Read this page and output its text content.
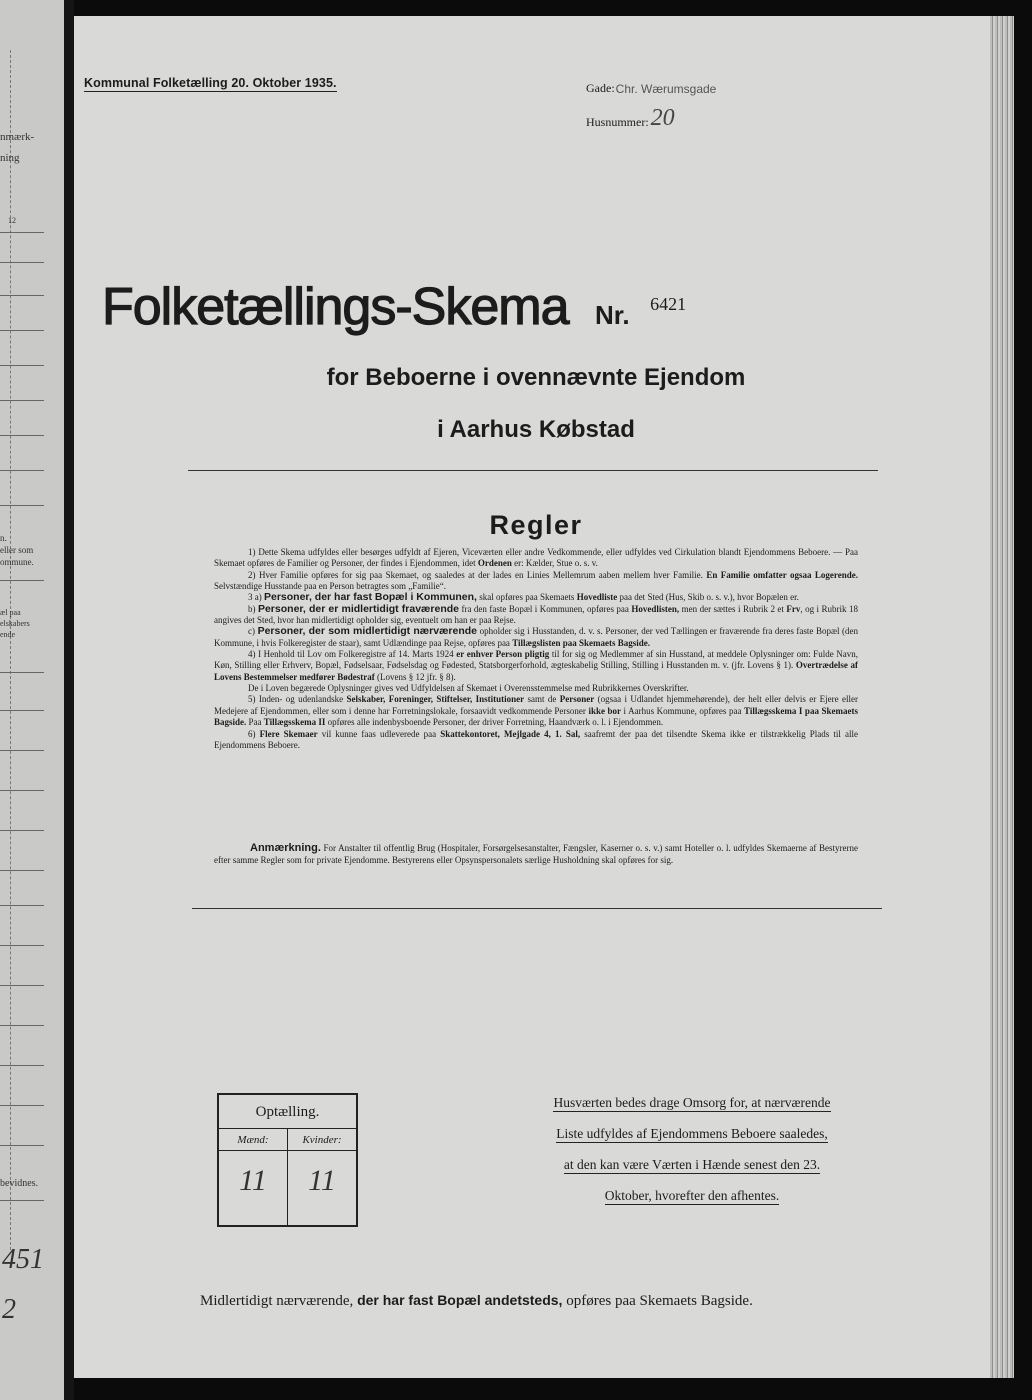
nmærk-
ning
12
n.
eller som
ommune.
æl paa
elskabers
ende
bevidnes.
451
2
Kommunal Folketælling 20. Oktober 1935.	Gade: Chr. Wærumsgade
Husnummer: 20
Folketællings-Skema Nr. 6421
for Beboerne i ovennævnte Ejendom
i Aarhus Købstad
Regler

1) Dette Skema udfyldes eller besørges udfyldt af Ejeren, Viceværten eller andre Vedkommende, eller udfyldes ved Cirkulation blandt Ejendommens Beboere. — Paa Skemaet opføres de Familier og Personer, der findes i Ejendommen, idet Ordenen er: Kælder, Stue o. s. v.

2) Hver Familie opføres for sig paa Skemaet, og saaledes at der lades en Linies Mellemrum aaben mellem hver Familie. En Familie omfatter ogsaa Logerende. Selvstændige Husstande paa en Person betragtes som „Familie“.

3 a) Personer, der har fast Bopæl i Kommunen, skal opføres paa Skemaets Hovedliste paa det Sted (Hus, Skib o. s. v.), hvor Bopælen er.

b) Personer, der er midlertidigt fraværende fra den faste Bopæl i Kommunen, opføres paa Hovedlisten, men der sættes i Rubrik 2 et Frv, og i Rubrik 18 angives det Sted, hvor han midlertidigt opholder sig, eventuelt om han er paa Rejse.

c) Personer, der som midlertidigt nærværende opholder sig i Husstanden, d. v. s. Personer, der ved Tællingen er fraværende fra deres faste Bopæl (den Kommune, i hvis Folkeregister de staar), samt Udlændinge paa Rejse, opføres paa Tillægslisten paa Skemaets Bagside.

4) I Henhold til Lov om Folkeregistre af 14. Marts 1924 er enhver Person pligtig til for sig og Medlemmer af sin Husstand, at meddele Oplysninger om: Fulde Navn, Køn, Stilling eller Erhverv, Bopæl, Fødselsaar, Fødselsdag og Fødested, Statsborgerforhold, ægteskabelig Stilling, Stilling i Husstanden m. v. (jfr. Lovens § 1). Overtrædelse af Lovens Bestemmelser medfører Bødestraf (Lovens § 12 jfr. § 8).

De i Loven begærede Oplysninger gives ved Udfyldelsen af Skemaet i Overensstemmelse med Rubrikkernes Overskrifter.

5) Inden- og udenlandske Selskaber, Foreninger, Stiftelser, Institutioner samt de Personer (ogsaa i Udlandet hjemmehørende), der helt eller delvis er Ejere eller Medejere af Ejendommen, eller som i denne har Forretningslokale, forsaavidt vedkommende Personer ikke bor i Aarhus Kommune, opføres paa Tillægsskema I paa Skemaets Bagside. Paa Tillægsskema II opføres alle indenbysboende Personer, der driver Forretning, Haandværk o. l. i Ejendommen.

6) Flere Skemaer vil kunne faas udleverede paa Skattekontoret, Mejlgade 4, 1. Sal, saafremt der paa det tilsendte Skema ikke er tilstrækkelig Plads til alle Ejendommens Beboere.

Anmærkning. For Anstalter til offentlig Brug (Hospitaler, Forsørgelsesanstalter, Fængsler, Kaserner o. s. v.) samt Hoteller o. l. udfyldes Skemaerne af Bestyrerne efter samme Regler som for private Ejendomme. Bestyrerens eller Opsynspersonalets særlige Husholdning skal opføres for sig.

Optælling.
Mænd:
11
Kvinder:
11
Husværten bedes drage Omsorg for, at nærværende
Liste udfyldes af Ejendommens Beboere saaledes,
at den kan være Værten i Hænde senest den 23.
Oktober, hvorefter den afhentes.
Midlertidigt nærværende, der har fast Bopæl andetsteds, opføres paa Skemaets Bagside.
